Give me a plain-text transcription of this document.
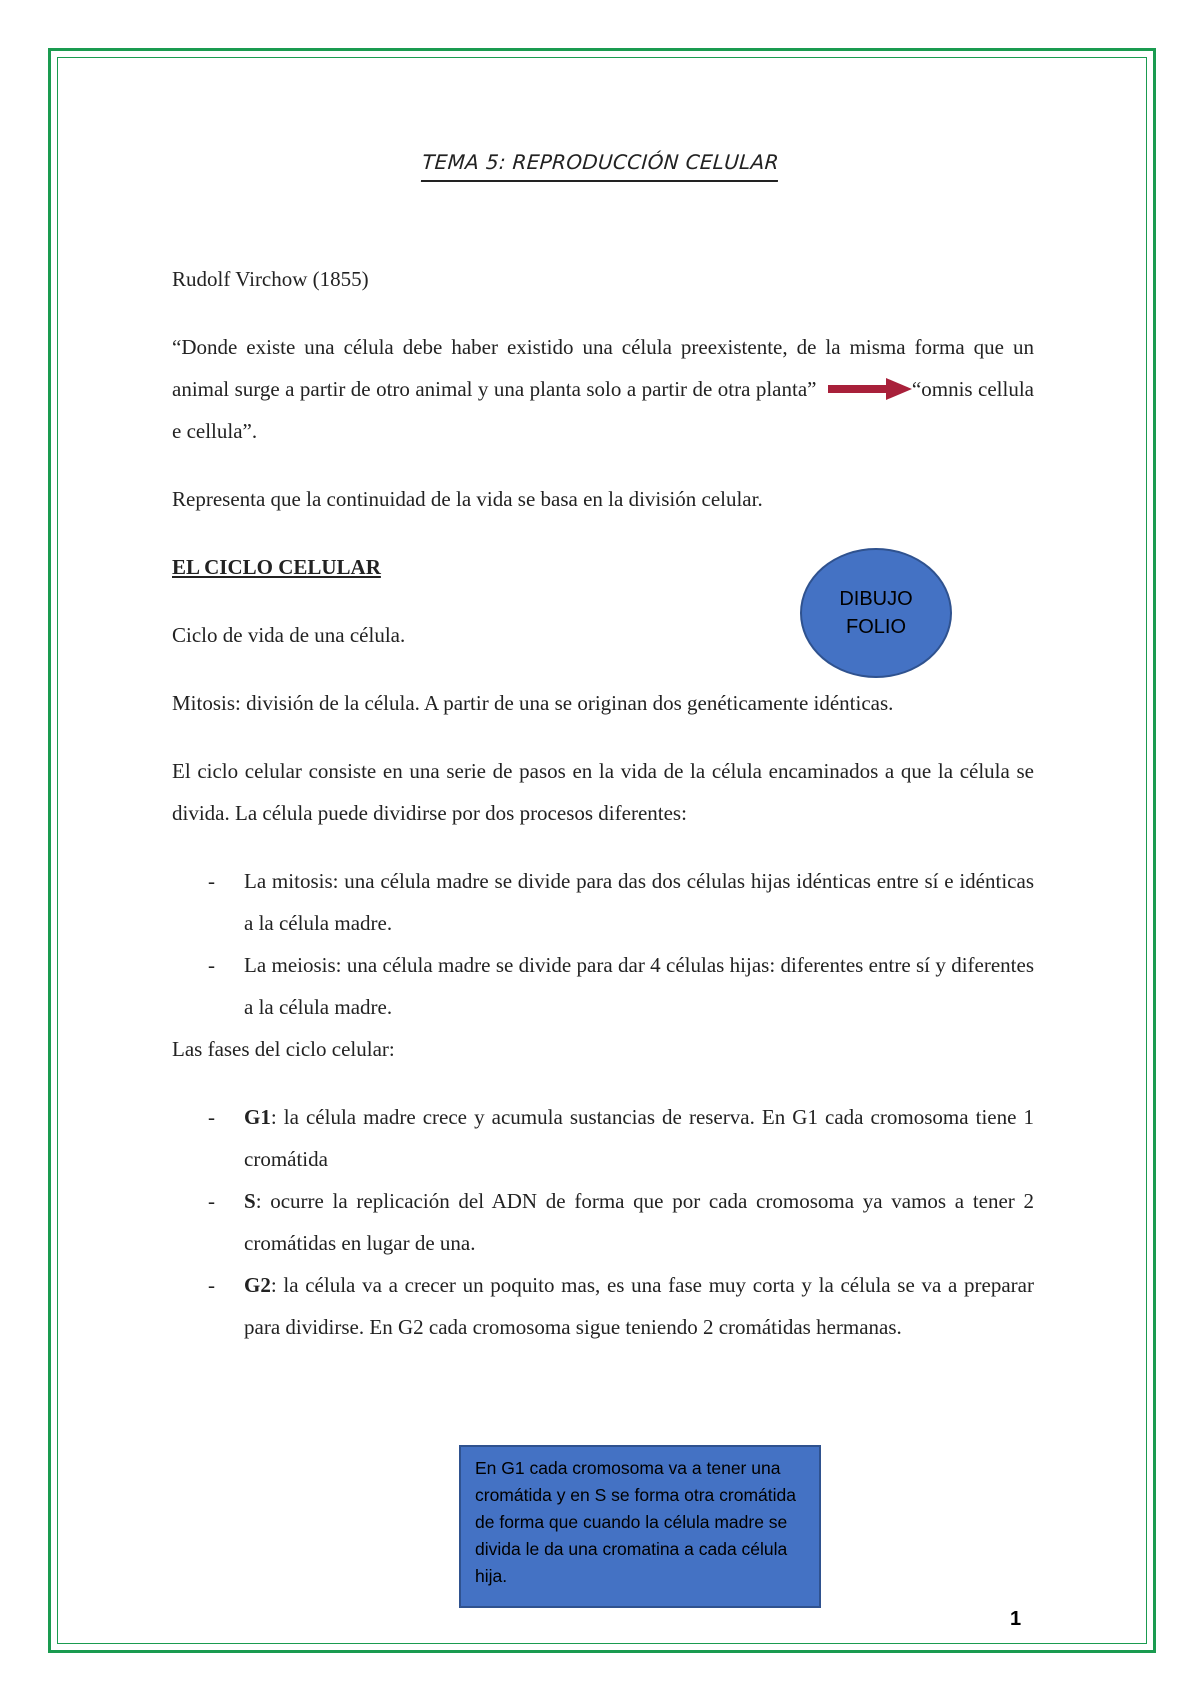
TEMA 5: REPRODUCCIÓN CELULAR

Rudolf Virchow (1855)

“Donde existe una célula debe haber existido una célula preexistente, de la misma forma que un animal surge a partir de otro animal y una planta solo a partir de otra planta”	“omnis cellula e cellula”.

Representa que la continuidad de la vida se basa en la división celular.

EL CICLO CELULAR

Ciclo de vida de una célula.

Mitosis: división de la célula. A partir de una se originan dos genéticamente idénticas.

El ciclo celular consiste en una serie de pasos en la vida de la célula encaminados a que la célula se divida. La célula puede dividirse por dos procesos diferentes:

- La mitosis: una célula madre se divide para das dos células hijas idénticas entre sí e idénticas a la célula madre.
- La meiosis: una célula madre se divide para dar 4 células hijas: diferentes entre sí y diferentes a la célula madre.

Las fases del ciclo celular:

- G1: la célula madre crece y acumula sustancias de reserva. En G1 cada cromosoma tiene 1 cromátida
- S: ocurre la replicación del ADN de forma que por cada cromosoma ya vamos a tener 2 cromátidas en lugar de una.
- G2: la célula va a crecer un poquito mas, es una fase muy corta y la célula se va a preparar para dividirse. En G2 cada cromosoma sigue teniendo 2 cromátidas hermanas.
DIBUJO
FOLIO
En G1 cada cromosoma va a tener una cromátida y en S se forma otra cromátida de forma que cuando la célula madre se divida le da una cromatina a cada célula hija.
1
